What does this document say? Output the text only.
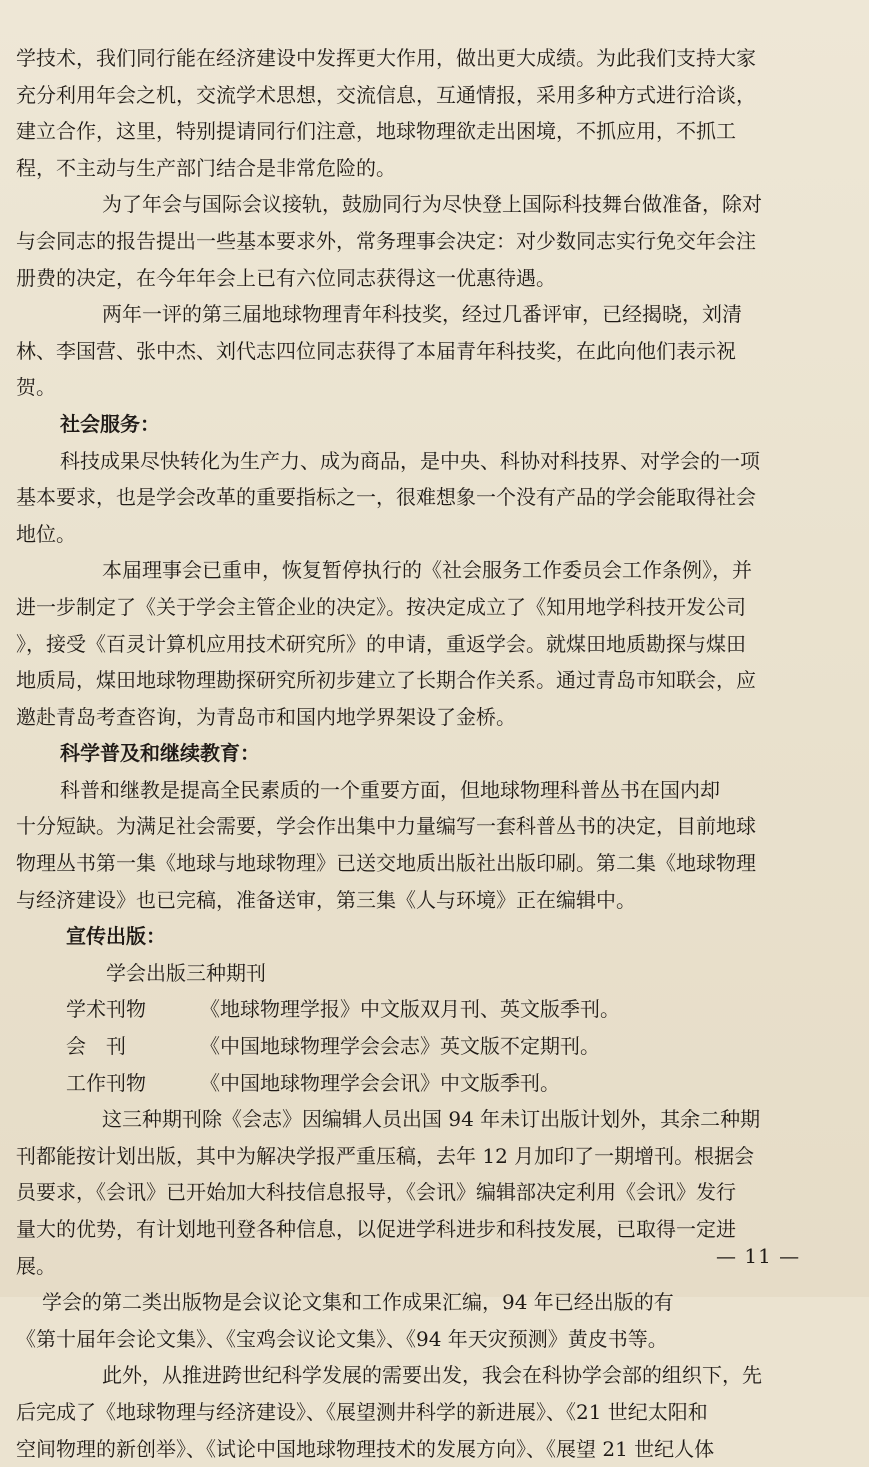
学技术，我们同行能在经济建设中发挥更大作用，做出更大成绩。为此我们支持大家
充分利用年会之机，交流学术思想，交流信息，互通情报，采用多种方式进行洽谈，
建立合作，这里，特别提请同行们注意，地球物理欲走出困境，不抓应用，不抓工
程，不主动与生产部门结合是非常危险的。
为了年会与国际会议接轨，鼓励同行为尽快登上国际科技舞台做准备，除对
与会同志的报告提出一些基本要求外，常务理事会决定：对少数同志实行免交年会注
册费的决定，在今年年会上已有六位同志获得这一优惠待遇。
两年一评的第三届地球物理青年科技奖，经过几番评审，已经揭晓，刘清
林、李国营、张中杰、刘代志四位同志获得了本届青年科技奖，在此向他们表示祝
贺。
社会服务：
科技成果尽快转化为生产力、成为商品，是中央、科协对科技界、对学会的一项
基本要求，也是学会改革的重要指标之一，很难想象一个没有产品的学会能取得社会
地位。
本届理事会已重申，恢复暂停执行的《社会服务工作委员会工作条例》，并
进一步制定了《关于学会主管企业的决定》。按决定成立了《知用地学科技开发公司
》，接受《百灵计算机应用技术研究所》的申请，重返学会。就煤田地质勘探与煤田
地质局，煤田地球物理勘探研究所初步建立了长期合作关系。通过青岛市知联会，应
邀赴青岛考查咨询，为青岛市和国内地学界架设了金桥。
科学普及和继续教育：
科普和继教是提高全民素质的一个重要方面，但地球物理科普丛书在国内却
十分短缺。为满足社会需要，学会作出集中力量编写一套科普丛书的决定，目前地球
物理丛书第一集《地球与地球物理》已送交地质出版社出版印刷。第二集《地球物理
与经济建设》也已完稿，准备送审，第三集《人与环境》正在编辑中。
宣传出版：
学会出版三种期刊
学术刊物	《地球物理学报》中文版双月刊、英文版季刊。
会　刊	《中国地球物理学会会志》英文版不定期刊。
工作刊物	《中国地球物理学会会讯》中文版季刊。
这三种期刊除《会志》因编辑人员出国 94 年未订出版计划外，其余二种期
刊都能按计划出版，其中为解决学报严重压稿，去年 12 月加印了一期增刊。根据会
员要求，《会讯》已开始加大科技信息报导，《会讯》编辑部决定利用《会讯》发行
量大的优势，有计划地刊登各种信息，以促进学科进步和科技发展，已取得一定进
展。
学会的第二类出版物是会议论文集和工作成果汇编，94 年已经出版的有
《第十届年会论文集》、《宝鸡会议论文集》、《94 年天灾预测》黄皮书等。
此外，从推进跨世纪科学发展的需要出发，我会在科协学会部的组织下，先
后完成了《地球物理与经济建设》、《展望测井科学的新进展》、《21 世纪太阳和
空间物理的新创举》、《试论中国地球物理技术的发展方向》、《展望 21 世纪人体
— 11 —
